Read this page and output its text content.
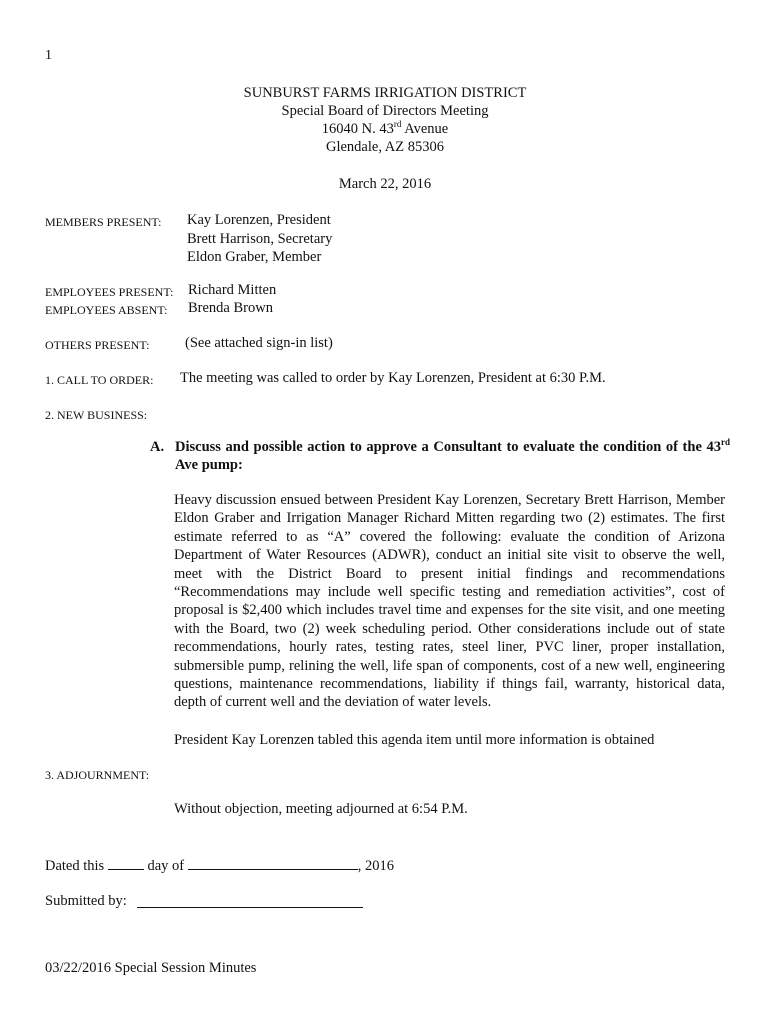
1
SUNBURST FARMS IRRIGATION DISTRICT
Special Board of Directors Meeting
16040 N. 43rd Avenue
Glendale, AZ 85306
March 22, 2016
MEMBERS PRESENT: Kay Lorenzen, President
Brett Harrison, Secretary
Eldon Graber, Member
EMPLOYEES PRESENT: Richard Mitten
EMPLOYEES ABSENT: Brenda Brown
OTHERS PRESENT: (See attached sign-in list)
1. CALL TO ORDER: The meeting was called to order by Kay Lorenzen, President at 6:30 P.M.
2. NEW BUSINESS:
A. Discuss and possible action to approve a Consultant to evaluate the condition of the 43rd Ave pump:
Heavy discussion ensued between President Kay Lorenzen, Secretary Brett Harrison, Member Eldon Graber and Irrigation Manager Richard Mitten regarding two (2) estimates. The first estimate referred to as “A” covered the following: evaluate the condition of Arizona Department of Water Resources (ADWR), conduct an initial site visit to observe the well, meet with the District Board to present initial findings and recommendations “Recommendations may include well specific testing and remediation activities”, cost of proposal is $2,400 which includes travel time and expenses for the site visit, and one meeting with the Board, two (2) week scheduling period. Other considerations include out of state recommendations, hourly rates, testing rates, steel liner, PVC liner, proper installation, submersible pump, relining the well, life span of components, cost of a new well, engineering questions, maintenance recommendations, liability if things fail, warranty, historical data, depth of current well and the deviation of water levels.
President Kay Lorenzen tabled this agenda item until more information is obtained
3. ADJOURNMENT:
Without objection, meeting adjourned at 6:54 P.M.
Dated this  day of	, 2016
Submitted by:
03/22/2016 Special Session Minutes
